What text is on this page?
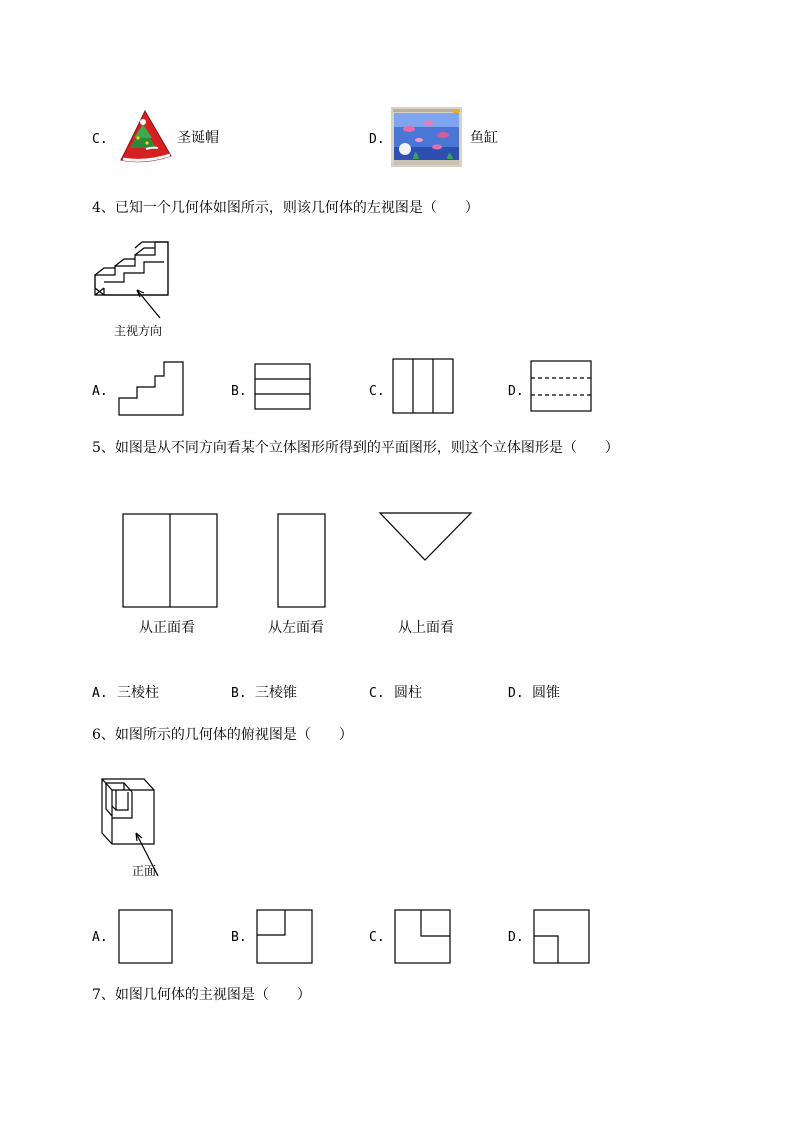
C.	圣诞帽	D.	鱼缸
4、已知一个几何体如图所示，则该几何体的左视图是（　　）
主视方向
A.	B.	C.	D.
5、如图是从不同方向看某个立体图形所得到的平面图形，则这个立体图形是（　　）
从正面看	从左面看	从上面看
A. 三棱柱	B. 三棱锥	C. 圆柱	D. 圆锥
6、如图所示的几何体的俯视图是（　　）
正面
A.	B.	C.	D.
7、如图几何体的主视图是（　　）
